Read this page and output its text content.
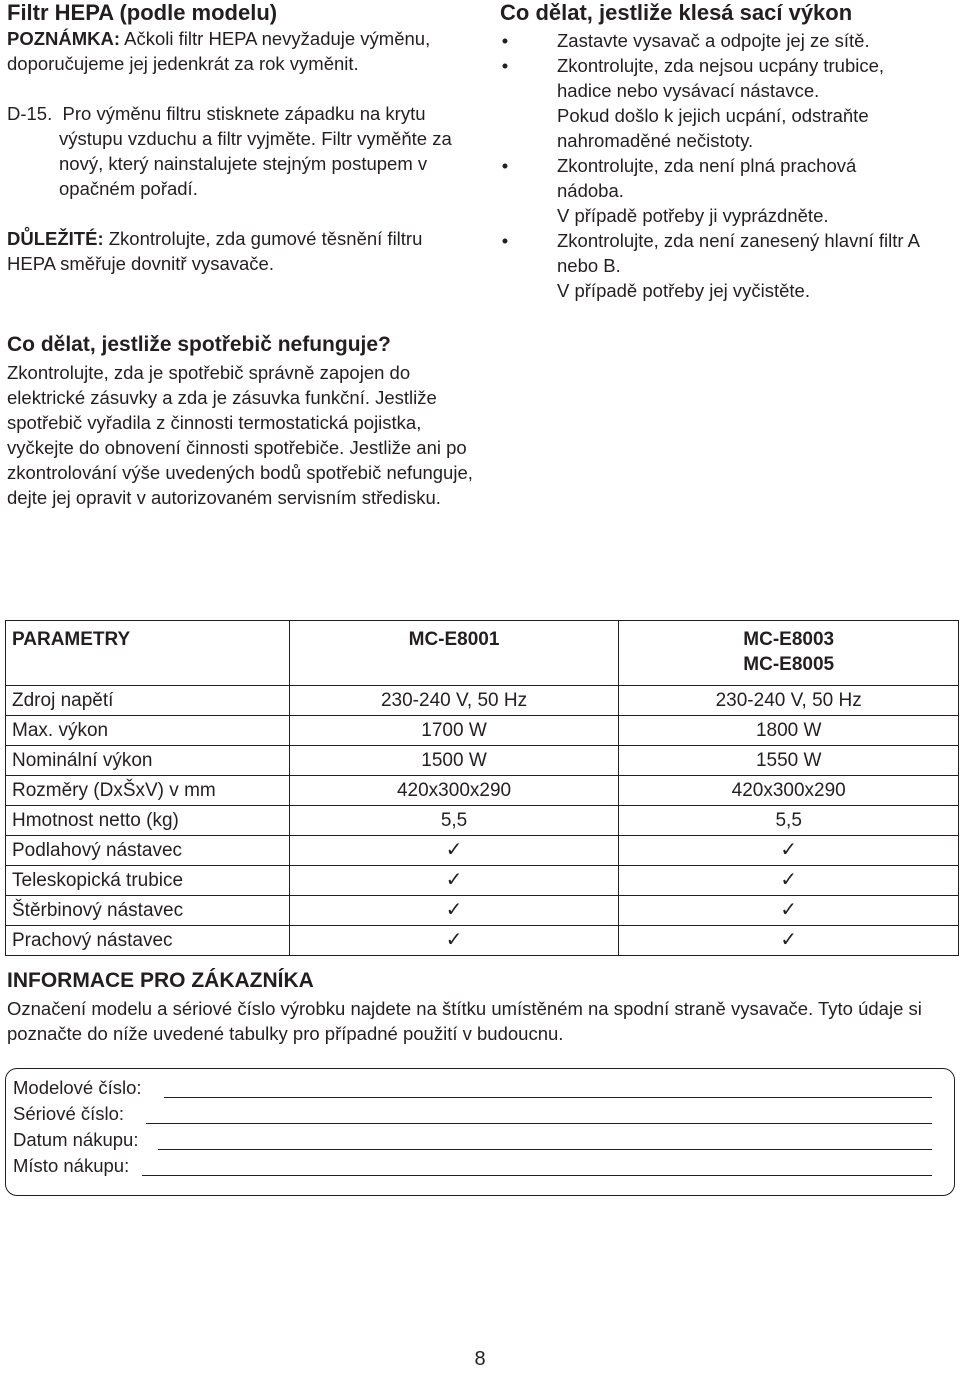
Filtr HEPA (podle modelu)

POZNÁMKA: Ačkoli filtr HEPA nevyžaduje výměnu, doporučujeme jej jedenkrát za rok vyměnit.

D-15. Pro výměnu filtru stisknete západku na krytu výstupu vzduchu a filtr vyjměte. Filtr vyměňte za nový, který nainstalujete stejným postupem v opačném pořadí.

DŮLEŽITÉ: Zkontrolujte, zda gumové těsnění filtru HEPA směřuje dovnitř vysavače.

Co dělat, jestliže spotřebič nefunguje?

Zkontrolujte, zda je spotřebič správně zapojen do elektrické zásuvky a zda je zásuvka funkční. Jestliže spotřebič vyřadila z činnosti termostatická pojistka, vyčkejte do obnovení činnosti spotřebiče. Jestliže ani po zkontrolování výše uvedených bodů spotřebič nefunguje, dejte jej opravit v autorizovaném servisním středisku.

Co dělat, jestliže klesá sací výkon

•	Zastavte vysavač a odpojte jej ze sítě.
•	Zkontrolujte, zda nejsou ucpány trubice,
hadice nebo vysávací nástavce.
Pokud došlo k jejich ucpání, odstraňte
nahromaděné nečistoty.
•	Zkontrolujte, zda není plná prachová
nádoba.
V případě potřeby ji vyprázdněte.
•	Zkontrolujte, zda není zanesený hlavní filtr A
nebo B.
V případě potřeby jej vyčistěte.
PARAMETRY	MC-E8001	MC-E8003
MC-E8005
Zdroj napětí	230-240 V, 50 Hz	230-240 V, 50 Hz
Max. výkon	1700 W	1800 W
Nominální výkon	1500 W	1550 W
Rozměry (DxŠxV) v mm	420x300x290	420x300x290
Hmotnost netto (kg)	5,5	5,5
Podlahový nástavec	✓	✓
Teleskopická trubice	✓	✓
Štěrbinový nástavec	✓	✓
Prachový nástavec	✓	✓

INFORMACE PRO ZÁKAZNÍKA

Označení modelu a sériové číslo výrobku najdete na štítku umístěném na spodní straně vysavače. Tyto údaje si poznačte do níže uvedené tabulky pro případné použití v budoucnu.

Modelové číslo:
Sériové číslo:
Datum nákupu:
Místo nákupu:
8
